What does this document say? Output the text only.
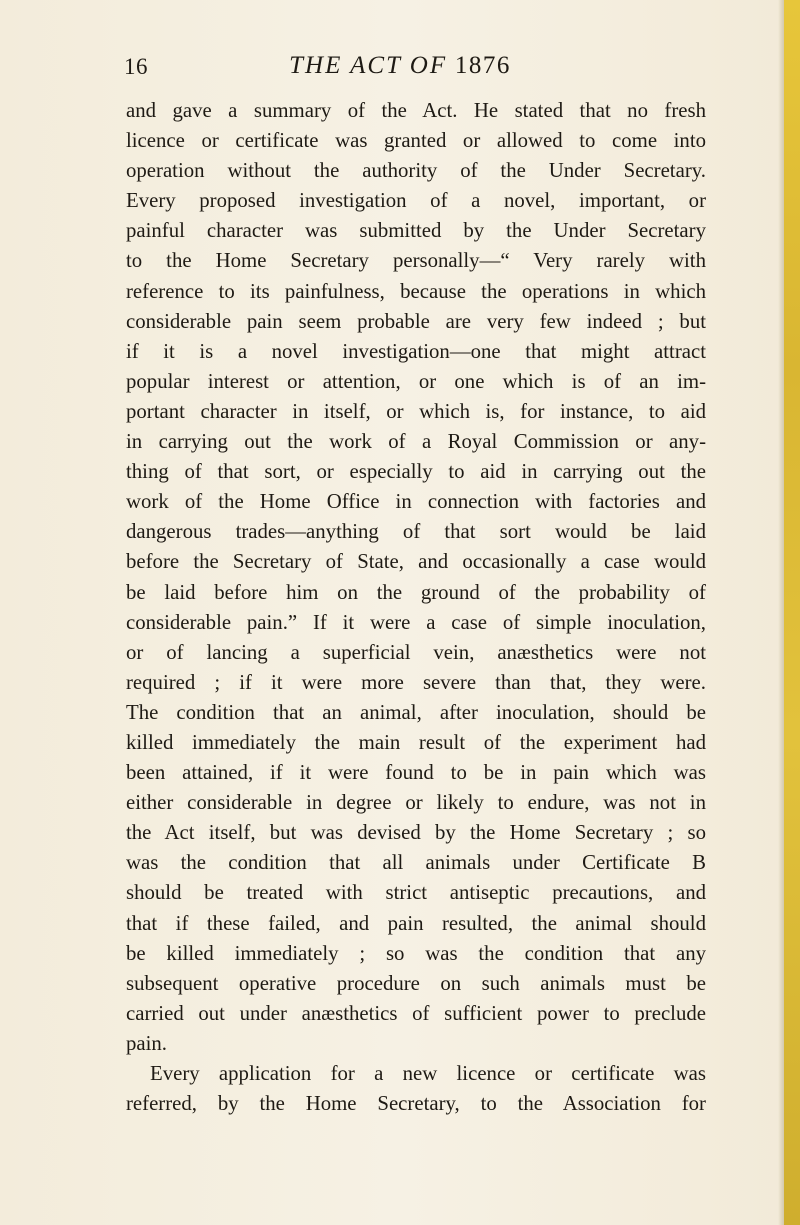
16	THE ACT OF 1876
and gave a summary of the Act. He stated that no fresh
licence or certificate was granted or allowed to come into
operation without the authority of the Under Secretary.
Every proposed investigation of a novel, important, or
painful character was submitted by the Under Secretary
to the Home Secretary personally—“ Very rarely with
reference to its painfulness, because the operations in which
considerable pain seem probable are very few indeed ; but
if it is a novel investigation—one that might attract
popular interest or attention, or one which is of an im-
portant character in itself, or which is, for instance, to aid
in carrying out the work of a Royal Commission or any-
thing of that sort, or especially to aid in carrying out the
work of the Home Office in connection with factories and
dangerous trades—anything of that sort would be laid
before the Secretary of State, and occasionally a case would
be laid before him on the ground of the probability of
considerable pain.” If it were a case of simple inoculation,
or of lancing a superficial vein, anæsthetics were not
required ; if it were more severe than that, they were.
The condition that an animal, after inoculation, should be
killed immediately the main result of the experiment had
been attained, if it were found to be in pain which was
either considerable in degree or likely to endure, was not in
the Act itself, but was devised by the Home Secretary ; so
was the condition that all animals under Certificate B
should be treated with strict antiseptic precautions, and
that if these failed, and pain resulted, the animal should
be killed immediately ; so was the condition that any
subsequent operative procedure on such animals must be
carried out under anæsthetics of sufficient power to preclude
pain.
Every application for a new licence or certificate was
referred, by the Home Secretary, to the Association for
